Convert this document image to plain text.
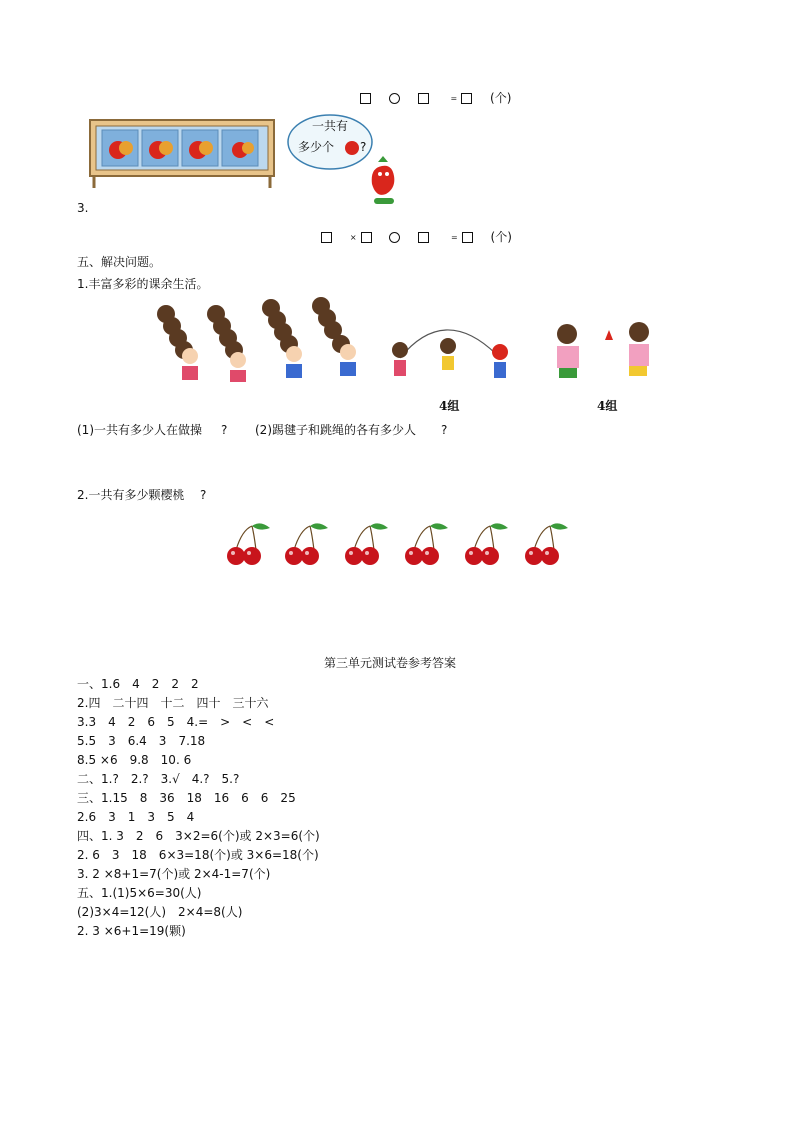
=	(个)
一共有
多少个 ?
3.
×	=	(个)
五、解决问题。
1.丰富多彩的课余生活。
4组	4组
(1)一共有多少人在做操 ? (2)踢毽子和跳绳的各有多少人 ?
2.一共有多少颗樱桃 ?
第三单元测试卷参考答案
一、1.6　4　2　2　2
2.四　二十四　十二　四十　三十六
3.3　4　2　6　5　4.=　>　<　<
5.5　3　6.4　3　7.18
8.5 ×6　9.8　10. 6
二、1.?　2.?　3.√　4.?　5.?
三、1.15　8　36　18　16　6　6　25
2.6　3　1　3　5　4
四、1. 3　2　6　3×2=6(个)或 2×3=6(个)
2. 6　3　18　6×3=18(个)或 3×6=18(个)
3. 2 ×8+1=7(个)或 2×4-1=7(个)
五、1.(1)5×6=30(人)
(2)3×4=12(人)　2×4=8(人)
2. 3 ×6+1=19(颗)
